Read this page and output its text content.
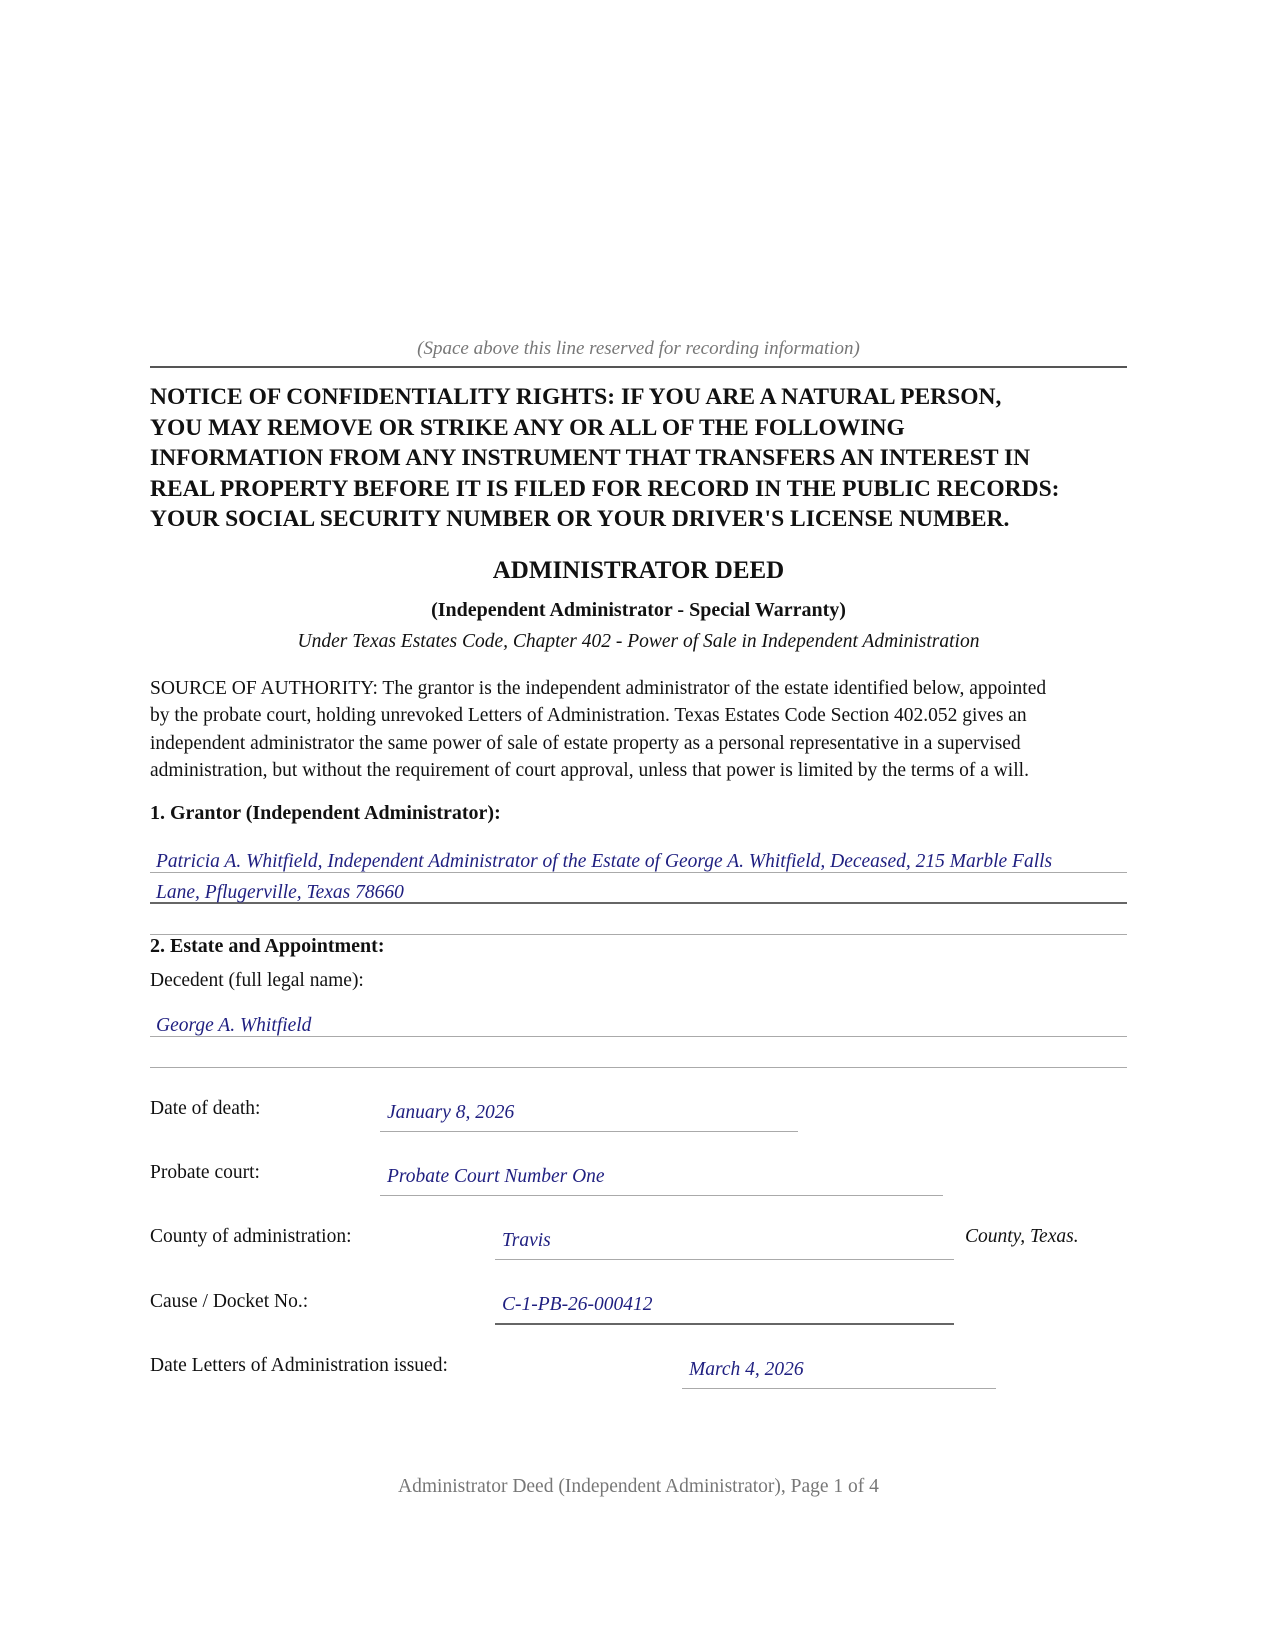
(Space above this line reserved for recording information)
NOTICE OF CONFIDENTIALITY RIGHTS: IF YOU ARE A NATURAL PERSON,
YOU MAY REMOVE OR STRIKE ANY OR ALL OF THE FOLLOWING
INFORMATION FROM ANY INSTRUMENT THAT TRANSFERS AN INTEREST IN
REAL PROPERTY BEFORE IT IS FILED FOR RECORD IN THE PUBLIC RECORDS:
YOUR SOCIAL SECURITY NUMBER OR YOUR DRIVER'S LICENSE NUMBER.
ADMINISTRATOR DEED
(Independent Administrator - Special Warranty)
Under Texas Estates Code, Chapter 402 - Power of Sale in Independent Administration
SOURCE OF AUTHORITY: The grantor is the independent administrator of the estate identified below, appointed
by the probate court, holding unrevoked Letters of Administration. Texas Estates Code Section 402.052 gives an
independent administrator the same power of sale of estate property as a personal representative in a supervised
administration, but without the requirement of court approval, unless that power is limited by the terms of a will.
1. Grantor (Independent Administrator):
Patricia A. Whitfield, Independent Administrator of the Estate of George A. Whitfield, Deceased, 215 Marble Falls
Lane, Pflugerville, Texas 78660
2. Estate and Appointment:
Decedent (full legal name):
George A. Whitfield
Date of death:	January 8, 2026
Probate court:	Probate Court Number One
County of administration:	Travis	County, Texas.
Cause / Docket No.:	C-1-PB-26-000412
Date Letters of Administration issued:	March 4, 2026
Administrator Deed (Independent Administrator), Page 1 of 4
